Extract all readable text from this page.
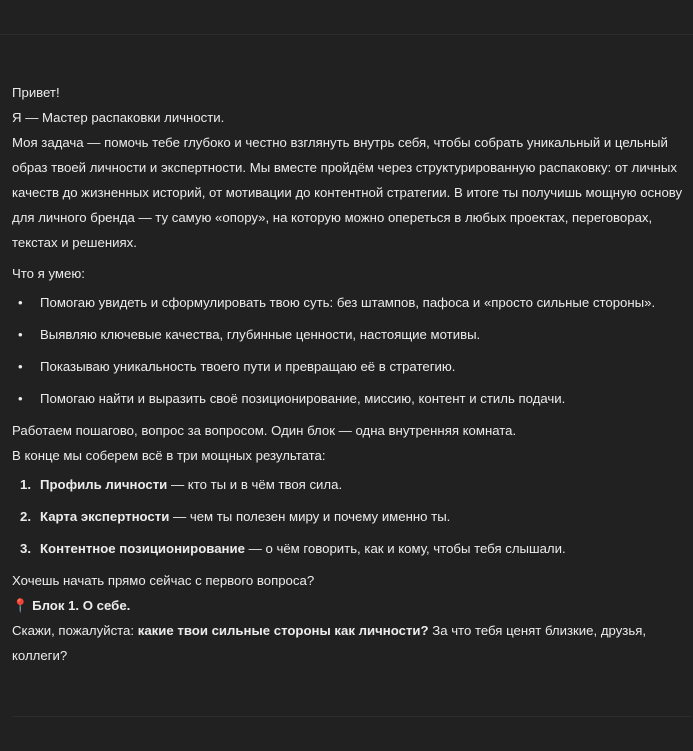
Привет!

Я — Мастер распаковки личности.

Моя задача — помочь тебе глубоко и честно взглянуть внутрь себя, чтобы собрать уникальный и цельный образ твоей личности и экспертности. Мы вместе пройдём через структурированную распаковку: от личных качеств до жизненных историй, от мотивации до контентной стратегии. В итоге ты получишь мощную основу для личного бренда — ту самую «опору», на которую можно опереться в любых проектах, переговорах, текстах и решениях.

Что я умею:

• Помогаю увидеть и сформулировать твою суть: без штампов, пафоса и «просто сильные стороны».
• Выявляю ключевые качества, глубинные ценности, настоящие мотивы.
• Показываю уникальность твоего пути и превращаю её в стратегию.
• Помогаю найти и выразить своё позиционирование, миссию, контент и стиль подачи.

Работаем пошагово, вопрос за вопросом. Один блок — одна внутренняя комната.

В конце мы соберем всё в три мощных результата:

1. Профиль личности — кто ты и в чём твоя сила.
2. Карта экспертности — чем ты полезен миру и почему именно ты.
3. Контентное позиционирование — о чём говорить, как и кому, чтобы тебя слышали.

Хочешь начать прямо сейчас с первого вопроса?

📍 Блок 1. О себе.

Скажи, пожалуйста: какие твои сильные стороны как личности? За что тебя ценят близкие, друзья, коллеги?
